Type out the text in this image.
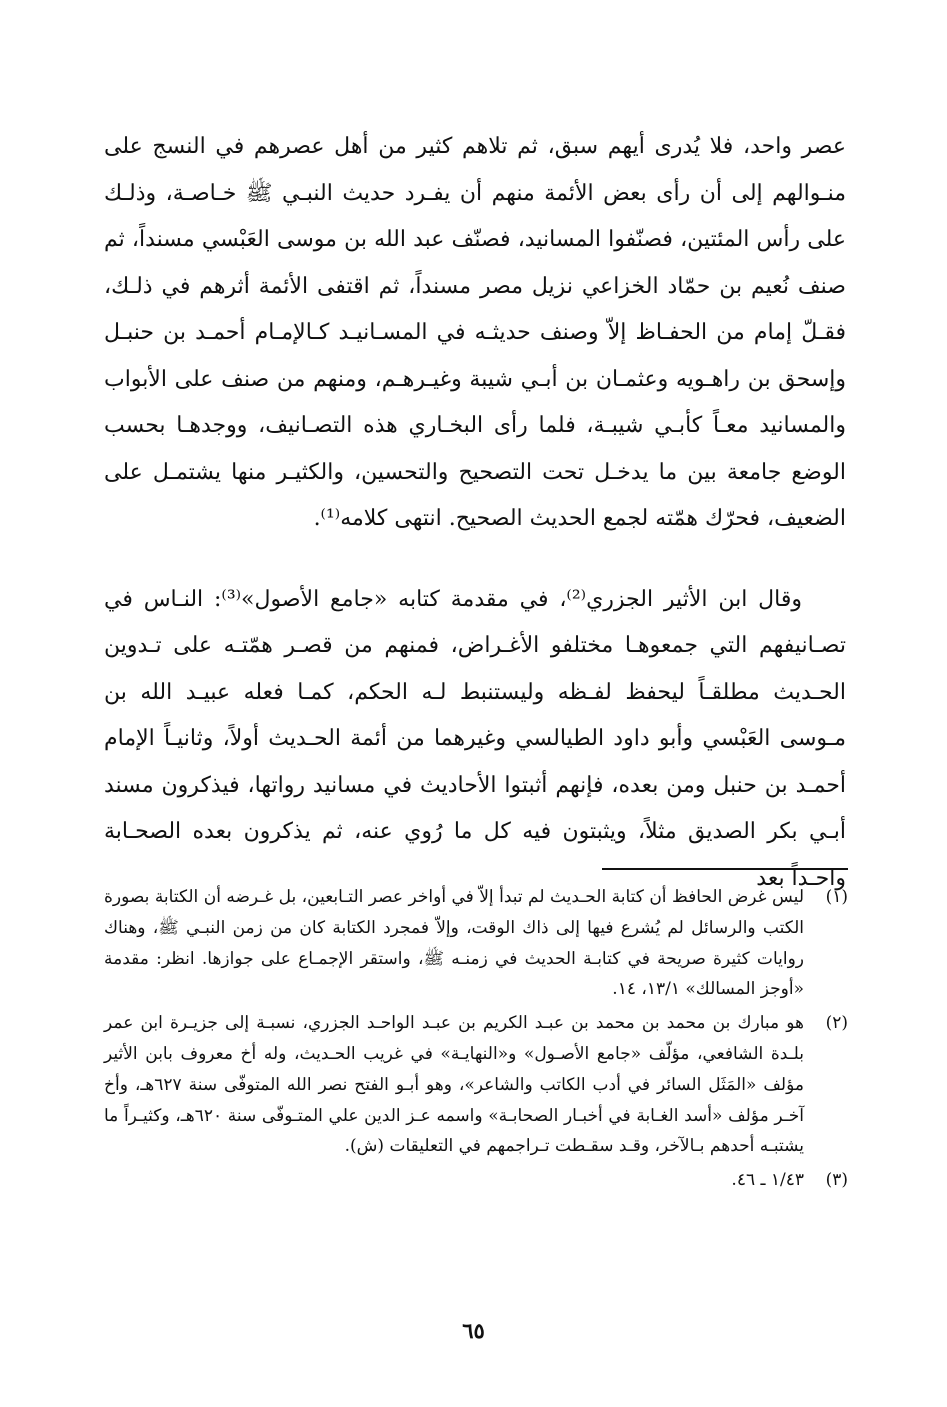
عصر واحد، فلا يُدرى أيهم سبق، ثم تلاهم كثير من أهل عصرهم في النسج على منـوالهم إلى أن رأى بعض الأئمة منهم أن يفـرد حديث النبـي ﷺ خـاصـة، وذلـك على رأس المئتين، فصنّفوا المسانيد، فصنّف عبد الله بن موسى العَبْسي مسنداً، ثم صنف نُعيم بن حمّاد الخزاعي نزيل مصر مسنداً، ثم اقتفى الأئمة أثرهم في ذلـك، فقـلّ إمام من الحفـاظ إلاّ وصنف حديثـه في المسـانيـد كـالإمـام أحمـد بن حنبـل وإسحق بن راهـويه وعثمـان بن أبـي شيبة وغيـرهـم، ومنهم من صنف على الأبواب والمسانيد معـاً كأبـي شيبـة، فلما رأى البخـاري هذه التصـانيف، ووجدهـا بحسب الوضع جامعة بين ما يدخـل تحت التصحيح والتحسين، والكثيـر منها يشتمـل على الضعيف، فحرّك همّته لجمع الحديث الصحيح. انتهى كلامه⁽¹⁾.

وقال ابن الأثير الجزري⁽²⁾، في مقدمة كتابه «جامع الأصول»⁽³⁾: النـاس في تصـانيفهم التي جمعوهـا مختلفو الأغـراض، فمنهم من قصـر همّتـه على تـدوين الحـديث مطلقـاً ليحفظ لفـظه وليستنبط لـه الحكم، كمـا فعله عبيـد الله بن مـوسى العَبْسي وأبو داود الطيالسي وغيرهما من أئمة الحـديث أولاً، وثانيـاً الإمام أحمـد بن حنبل ومن بعده، فإنهم أثبتوا الأحاديث في مسانيد رواتها، فيذكرون مسند أبـي بكر الصديق مثلاً، ويثبتون فيه كل ما رُوي عنه، ثم يذكرون بعده الصحـابة واحـداً بعد

(١)
ليس غرض الحافظ أن كتابة الحـديث لم تبدأ إلاّ في أواخر عصر التـابعين، بل غـرضه أن الكتابة بصورة الكتب والرسائل لم يُشرع فيها إلى ذاك الوقت، وإلاّ فمجرد الكتابة كان من زمن النبـي ﷺ، وهناك روايات كثيرة صريحة في كتابـة الحديث في زمنـه ﷺ، واستقر الإجمـاع على جوازها. انظر: مقدمة «أوجز المسالك» ١٣/١، ١٤.
(٢)
هو مبارك بن محمد بن محمد بن عبـد الكريم بن عبـد الواحـد الجزري، نسبـة إلى جزيـرة ابن عمر بلـدة الشافعي، مؤلّف «جامع الأصـول» و«النهايـة» في غريب الحـديث، وله أخ معروف بابن الأثير مؤلف «المَثَل السائر في أدب الكاتب والشاعر»، وهو أبـو الفتح نصر الله المتوفّى سنة ٦٢٧هـ، وأخ آخـر مؤلف «أسد الغـابة في أخبـار الصحابـة» واسمه عـز الدين علي المتـوفّى سنة ٦٢٠هـ، وكثيـراً ما يشتبـه أحدهم بـالآخر، وقـد سقـطت تـراجمهم في التعليقات (ش).
(٣)
١/٤٣ ـ ٤٦.
٦٥
